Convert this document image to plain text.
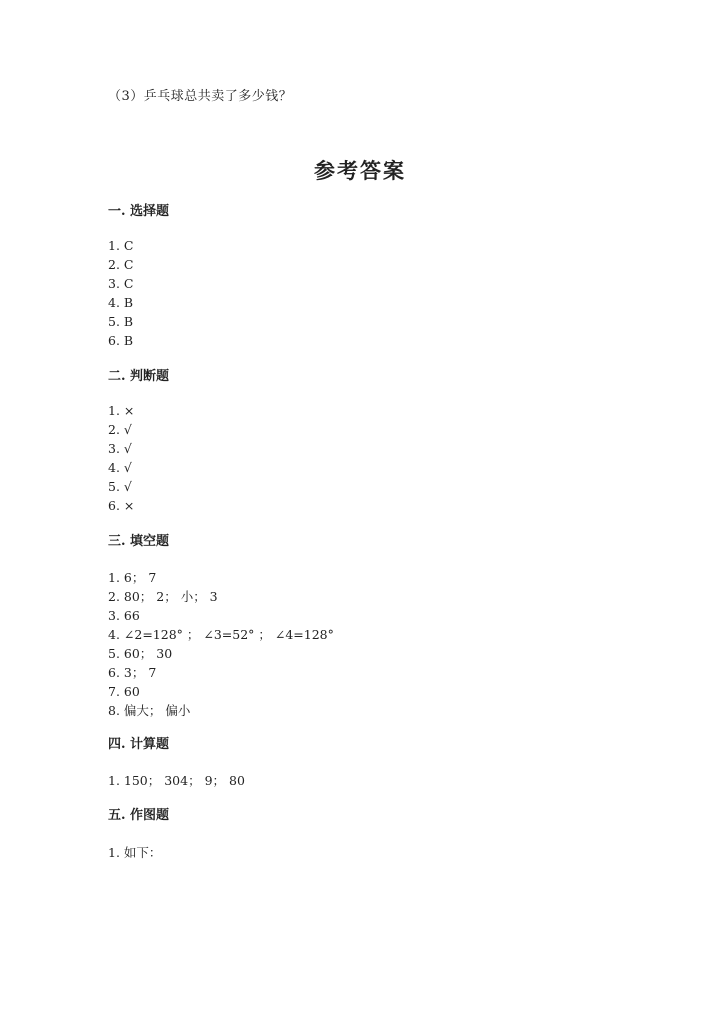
（3）乒乓球总共卖了多少钱？
参考答案
一. 选择题
1. C
2. C
3. C
4. B
5. B
6. B
二. 判断题
1. ×
2. √
3. √
4. √
5. √
6. ×
三. 填空题
1. 6； 7
2. 80； 2； 小； 3
3. 66
4. ∠2=128° ； ∠3=52° ； ∠4=128°
5. 60； 30
6. 3； 7
7. 60
8. 偏大； 偏小
四. 计算题
1. 150； 304； 9； 80
五. 作图题
1. 如下：
